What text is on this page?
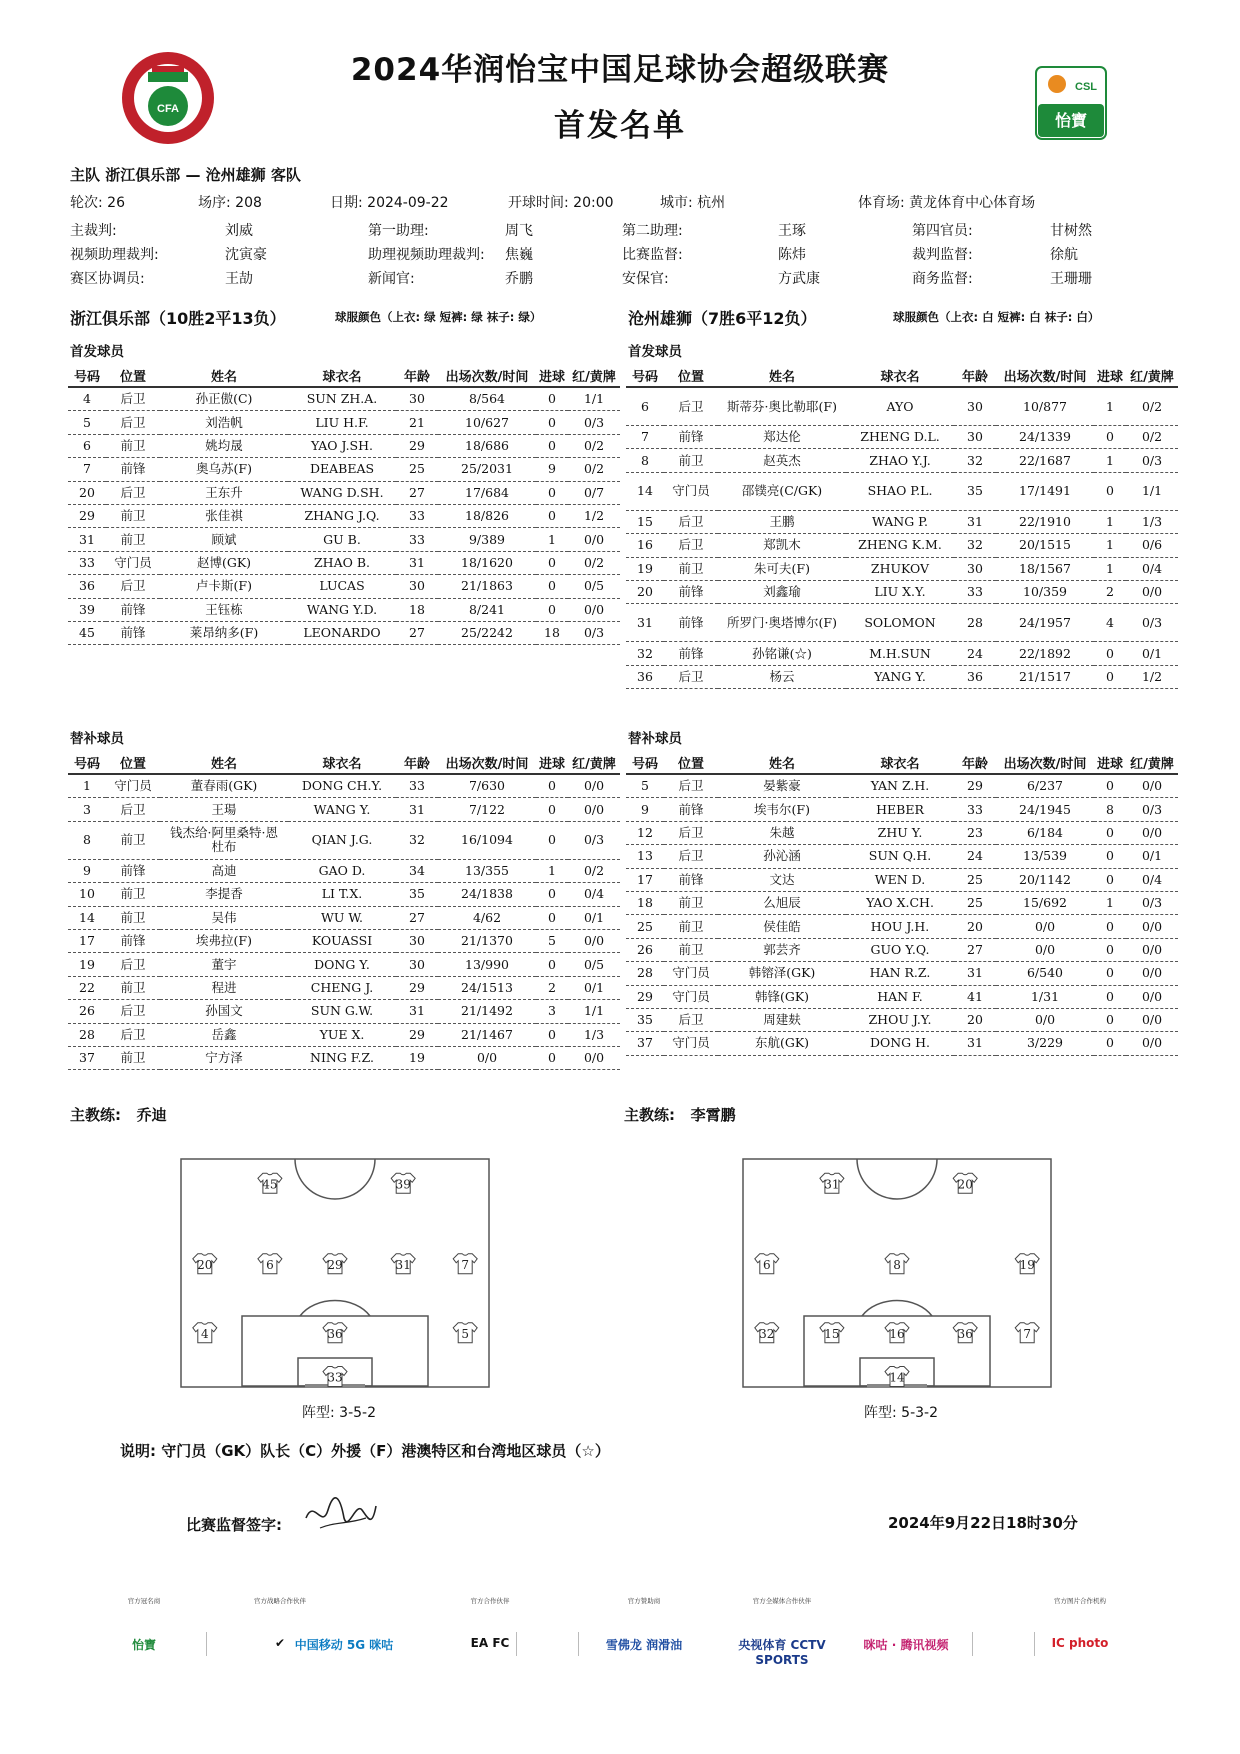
CFA
CSL
怡寶
2024华润怡宝中国足球协会超级联赛
首发名单
主队 浙江俱乐部 — 沧州雄狮 客队
轮次: 26	场序: 208	日期: 2024-09-22	开球时间: 20:00	城市: 杭州	体育场: 黄龙体育中心体育场
主裁判:	刘威	第一助理:	周飞	第二助理:	王琢	第四官员:	甘树然
视频助理裁判:	沈寅豪	助理视频助理裁判: 焦巍	比赛监督:	陈炜	裁判监督:	徐航
赛区协调员:	王劼	新闻官:	乔鹏	安保官:	方武康	商务监督:	王珊珊
浙江俱乐部（10胜2平13负）	球服颜色（上衣: 绿 短裤: 绿 袜子: 绿）	沧州雄狮（7胜6平12负）	球服颜色（上衣: 白 短裤: 白 袜子: 白）
首发球员	首发球员
号码	位置	姓名	球衣名	年龄	出场次数/时间	进球	红/黄牌
4	后卫	孙正傲(C)	SUN ZH.A.	30	8/564	0	1/1
5	后卫	刘浩帆	LIU H.F.	21	10/627	0	0/3
6	前卫	姚均晟	YAO J.SH.	29	18/686	0	0/2
7	前锋	奥乌苏(F)	DEABEAS	25	25/2031	9	0/2
20	后卫	王东升	WANG D.SH.	27	17/684	0	0/7
29	前卫	张佳祺	ZHANG J.Q.	33	18/826	0	1/2
31	前卫	顾斌	GU B.	33	9/389	1	0/0
33	守门员	赵博(GK)	ZHAO B.	31	18/1620	0	0/2
36	后卫	卢卡斯(F)	LUCAS	30	21/1863	0	0/5
39	前锋	王钰栋	WANG Y.D.	18	8/241	0	0/0
45	前锋	莱昂纳多(F)	LEONARDO	27	25/2242	18	0/3
号码	位置	姓名	球衣名	年龄	出场次数/时间	进球	红/黄牌
6	后卫	斯蒂芬·奥比勒耶(F)	AYO	30	10/877	1	0/2
7	前锋	郑达伦	ZHENG D.L.	30	24/1339	0	0/2
8	前卫	赵英杰	ZHAO Y.J.	32	22/1687	1	0/3
14	守门员	邵镤亮(C/GK)	SHAO P.L.	35	17/1491	0	1/1
15	后卫	王鹏	WANG P.	31	22/1910	1	1/3
16	后卫	郑凯木	ZHENG K.M.	32	20/1515	1	0/6
19	前卫	朱可夫(F)	ZHUKOV	30	18/1567	1	0/4
20	前锋	刘鑫瑜	LIU X.Y.	33	10/359	2	0/0
31	前锋	所罗门·奥塔博尔(F)	SOLOMON	28	24/1957	4	0/3
32	前锋	孙铭谦(☆)	M.H.SUN	24	22/1892	0	0/1
36	后卫	杨云	YANG Y.	36	21/1517	0	1/2
替补球员	替补球员
号码	位置	姓名	球衣名	年龄	出场次数/时间	进球	红/黄牌
1	守门员	董春雨(GK)	DONG CH.Y.	33	7/630	0	0/0
3	后卫	王瑒	WANG Y.	31	7/122	0	0/0
8	前卫	钱杰给·阿里桑特·恩杜布	QIAN J.G.	32	16/1094	0	0/3
9	前锋	高迪	GAO D.	34	13/355	1	0/2
10	前卫	李提香	LI T.X.	35	24/1838	0	0/4
14	前卫	吴伟	WU W.	27	4/62	0	0/1
17	前锋	埃弗拉(F)	KOUASSI	30	21/1370	5	0/0
19	后卫	董宇	DONG Y.	30	13/990	0	0/5
22	前卫	程进	CHENG J.	29	24/1513	2	0/1
26	后卫	孙国文	SUN G.W.	31	21/1492	3	1/1
28	后卫	岳鑫	YUE X.	29	21/1467	0	1/3
37	前卫	宁方泽	NING F.Z.	19	0/0	0	0/0
号码	位置	姓名	球衣名	年龄	出场次数/时间	进球	红/黄牌
5	后卫	晏紫豪	YAN Z.H.	29	6/237	0	0/0
9	前锋	埃韦尔(F)	HEBER	33	24/1945	8	0/3
12	后卫	朱越	ZHU Y.	23	6/184	0	0/0
13	后卫	孙沁涵	SUN Q.H.	24	13/539	0	0/1
17	前锋	文达	WEN D.	25	20/1142	0	0/4
18	前卫	么旭辰	YAO X.CH.	25	15/692	1	0/3
25	前卫	侯佳皓	HOU J.H.	20	0/0	0	0/0
26	前卫	郭芸齐	GUO Y.Q.	27	0/0	0	0/0
28	守门员	韩镕泽(GK)	HAN R.Z.	31	6/540	0	0/0
29	守门员	韩锋(GK)	HAN F.	41	1/31	0	0/0
35	后卫	周建麸	ZHOU J.Y.	20	0/0	0	0/0
37	守门员	东航(GK)	DONG H.	31	3/229	0	0/0
主教练: 乔迪	主教练: 李霄鹏
45	39
20	6	29	31	7
4	36	5
33
31	20
6	8	19
32	15	16	36	7
14
阵型: 3-5-2	阵型: 5-3-2
说明: 守门员（GK）队长（C）外援（F）港澳特区和台湾地区球员（☆）
比赛监督签字:	2024年9月22日18时30分
官方冠名商
怡寶
官方战略合作伙伴
✔ 中国移动 5G 咪咕
官方合作伙伴
EA FC
官方赞助商
雪佛龙 润滑油
官方全媒体合作伙伴
央视体育 CCTV SPORTS
咪咕 · 腾讯视频
官方图片合作机构
IC photo
